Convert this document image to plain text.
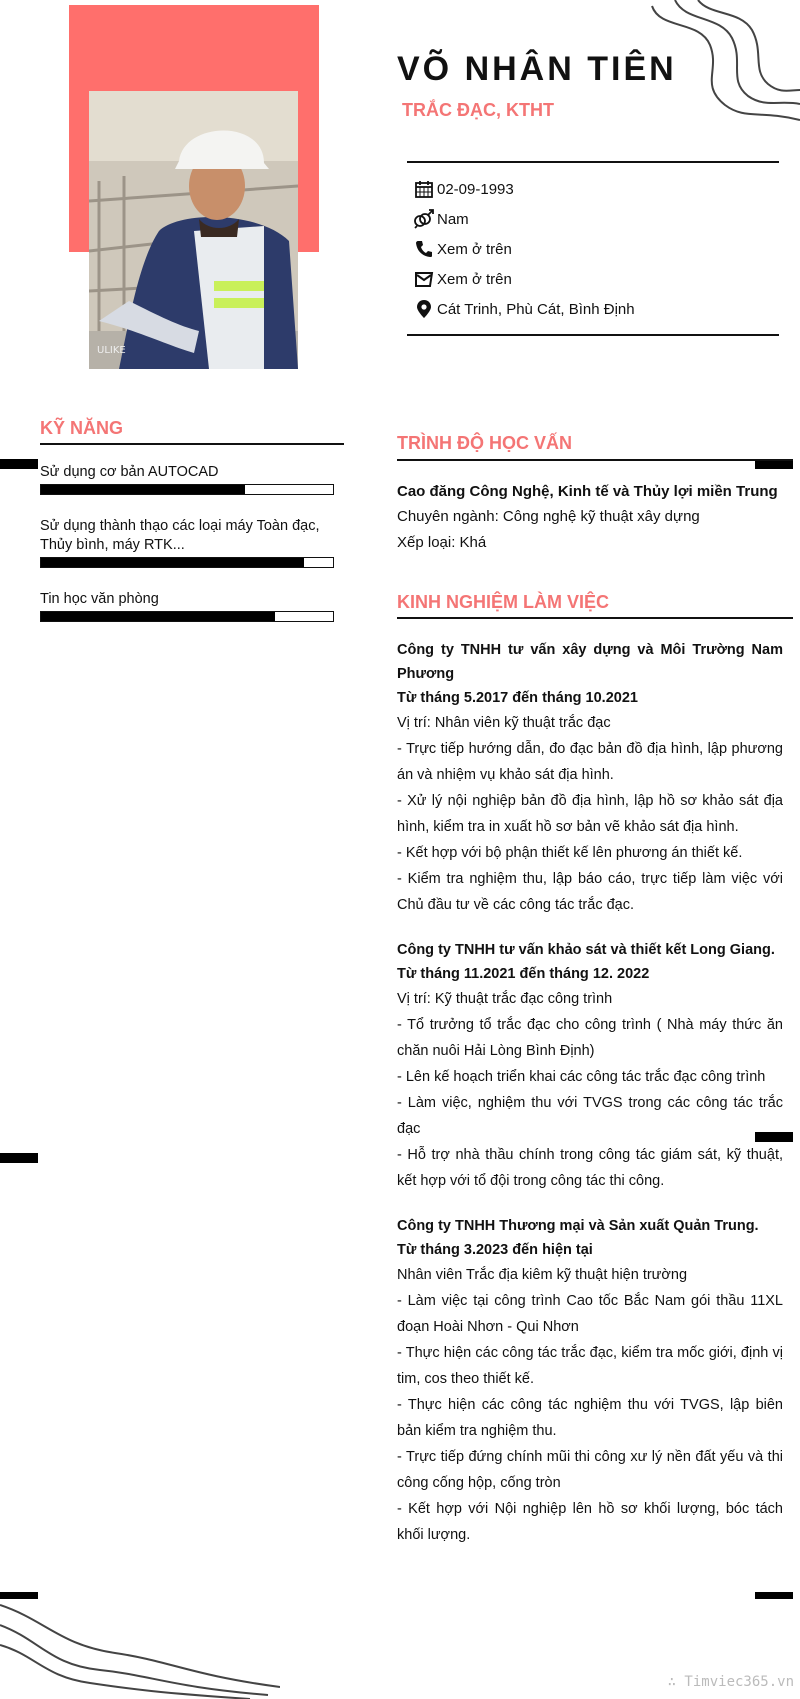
ULIKE
VÕ NHÂN TIÊN
TRẮC ĐẠC, KTHT
02-09-1993
Nam
Xem ở trên
Xem ở trên
Cát Trinh, Phù Cát, Bình Định
KỸ NĂNG
Sử dụng cơ bản AUTOCAD
Sử dụng thành thạo các loại máy Toàn đạc, Thủy bình, máy RTK...
Tin học văn phòng
TRÌNH ĐỘ HỌC VẤN
Cao đăng Công Nghệ, Kinh tế và Thủy lợi miền Trung
Chuyên ngành: Công nghệ kỹ thuật xây dựng
Xếp loại: Khá
KINH NGHIỆM LÀM VIỆC
Công ty TNHH tư vấn xây dựng và Môi Trường Nam Phương
Từ tháng 5.2017 đến tháng 10.2021
Vị trí: Nhân viên kỹ thuật trắc đạc
- Trực tiếp hướng dẫn, đo đạc bản đồ địa hình, lập phương án và nhiệm vụ khảo sát địa hình.
- Xử lý nội nghiệp bản đồ địa hình, lập hồ sơ khảo sát địa hình, kiểm tra in xuất hồ sơ bản vẽ khảo sát địa hình.
- Kết hợp với bộ phận thiết kế lên phương án thiết kế.
- Kiểm tra nghiệm thu, lập báo cáo, trực tiếp làm việc với Chủ đầu tư về các công tác trắc đạc.
Công ty TNHH tư vấn khảo sát và thiết kết Long Giang.
Từ tháng 11.2021 đến tháng 12. 2022
Vị trí: Kỹ thuật trắc đạc công trình
- Tổ trưởng tổ trắc đạc cho công trình ( Nhà máy thức ăn chăn nuôi Hải Lòng Bình Định)
- Lên kế hoạch triển khai các công tác trắc đạc công trình
- Làm việc, nghiệm thu với TVGS trong các công tác trắc đạc
- Hỗ trợ nhà thầu chính trong công tác giám sát, kỹ thuật, kết hợp với tổ đội trong công tác thi công.
Công ty TNHH Thương mại và Sản xuất Quản Trung.
Từ tháng 3.2023 đến hiện tại
Nhân viên Trắc địa kiêm kỹ thuật hiện trường
- Làm việc tại công trình Cao tốc Bắc Nam gói thầu 11XL đoạn Hoài Nhơn - Qui Nhơn
- Thực hiện các công tác trắc đạc, kiểm tra mốc giới, định vị tim, cos theo thiết kế.
- Thực hiện các công tác nghiệm thu với TVGS, lập biên bản kiểm tra nghiệm thu.
- Trực tiếp đứng chính mũi thi công xư lý nền đất yếu và thi công cống hộp, cống tròn
- Kết hợp với Nội nghiệp lên hồ sơ khối lượng, bóc tách khối lượng.
∴ Timviec365.vn
